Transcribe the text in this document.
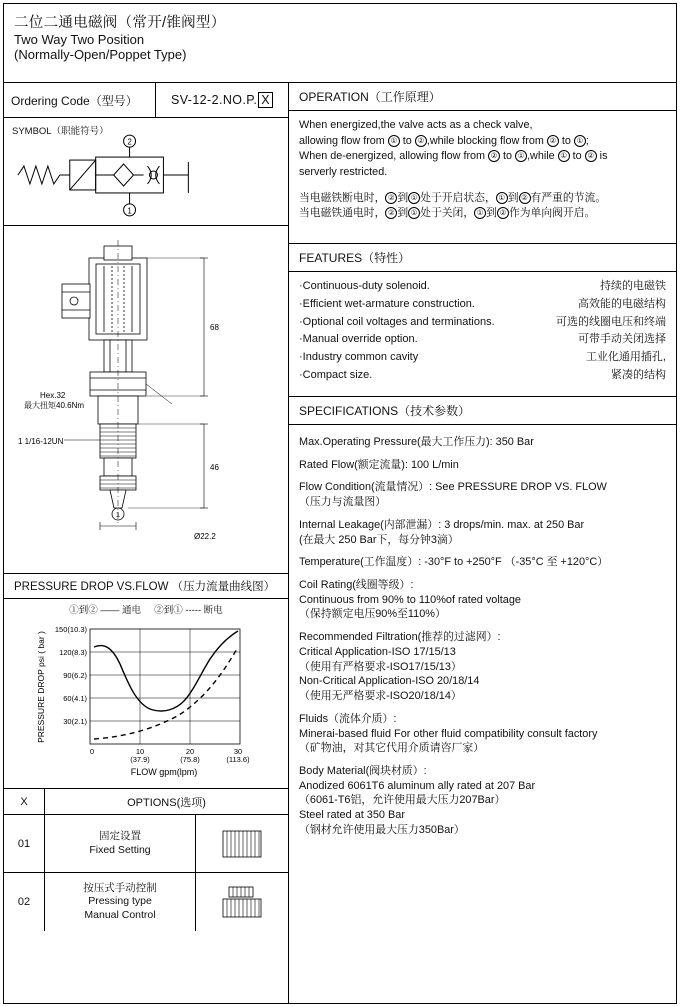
二位二通电磁阀（常开/锥阀型）
Two Way Two Position
(Normally-Open/Poppet Type)
Ordering Code（型号）	SV-12-2.NO.P. X
SYMBOL（职能符号）
2
1
68
46
Hex.32
最大扭矩40.6Nm
1 1/16-12UN
Ø22.2
1
PRESSURE DROP VS.FLOW （压力流量曲线图）
①到② —— 通电 ②到① ----- 断电
150(10.3)
120(8.3)
90(6.2)
60(4.1)
30(2.1)
0	10	20	30
(37.9)	(75.8)	(113.6)
FLOW gpm(lpm)
PRESSURE DROP psi ( bar )
X	OPTIONS(选项)
01
固定设置
Fixed Setting
02
按压式手动控制
Pressing type
Manual Control
OPERATION（工作原理）
When energized,the valve acts as a check valve,
allowing flow from ① to ② ,while blocking flow from ② to ① ;
When de-energized, allowing flow from ② to ① ,while ① to ② is
serverly restricted.
当电磁铁断电时， ② 到 ① 处于开启状态， ① 到 ② 有严重的节流。
当电磁铁通电时， ② 到 ① 处于关闭， ① 到 ② 作为单向阀开启。
FEATURES（特性）
·Continuous-duty solenoid.	持续的电磁铁
·Efficient wet-armature construction.	高效能的电磁结构
·Optional coil voltages and terminations.	可选的线圈电压和终端
·Manual override option.	可带手动关闭选择
·Industry common cavity	工业化通用插孔,
·Compact size.	紧凑的结构
SPECIFICATIONS（技术参数）
Max.Operating Pressure(最大工作压力): 350 Bar
Rated Flow(额定流量): 100 L/min
Flow Condition(流量情况）: See PRESSURE DROP VS. FLOW
（压力与流量图）
Internal Leakage(内部泄漏）: 3 drops/min. max. at 250 Bar
(在最大 250 Bar下，每分钟3滴）
Temperature(工作温度）: -30°F to +250°F （-35°C 至 +120°C）
Coil Rating(线圈等级）:
Continuous from 90% to 110%of rated voltage
（保持额定电压90%至110%）
Recommended Filtration(推荐的过滤网）:
Critical Application-ISO 17/15/13
（使用有严格要求-ISO17/15/13）
Non-Critical Application-ISO 20/18/14
（使用无严格要求-ISO20/18/14）
Fluids（流体介质）:
Minerai-based fluid For other fluid compatibility consult factory
（矿物油，对其它代用介质请咨厂家）
Body Material(阀块材质）:
Anodized 6061T6 aluminum ally rated at 207 Bar
（6061-T6铝，允许使用最大压力207Bar）
Steel rated at 350 Bar
（钢材允许使用最大压力350Bar）
